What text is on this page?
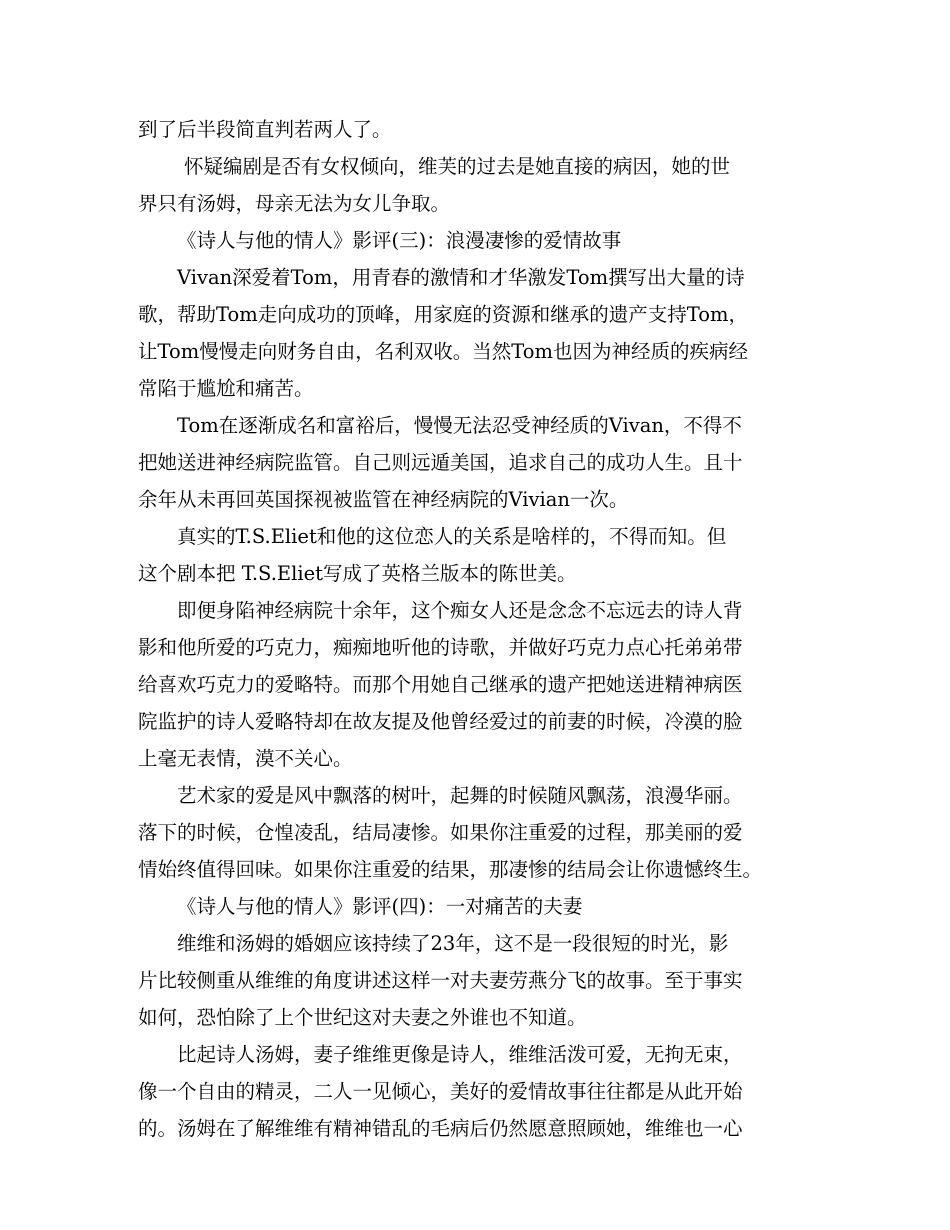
到了后半段简直判若两人了。
怀疑编剧是否有女权倾向，维芙的过去是她直接的病因，她的世
界只有汤姆，母亲无法为女儿争取。
《诗人与他的情人》影评(三)：浪漫凄惨的爱情故事
Vivan深爱着Tom，用青春的激情和才华激发Tom撰写出大量的诗
歌，帮助Tom走向成功的顶峰，用家庭的资源和继承的遗产支持Tom，
让Tom慢慢走向财务自由，名利双收。当然Tom也因为神经质的疾病经
常陷于尴尬和痛苦。
Tom在逐渐成名和富裕后，慢慢无法忍受神经质的Vivan，不得不
把她送进神经病院监管。自己则远遁美国，追求自己的成功人生。且十
余年从未再回英国探视被监管在神经病院的Vivian一次。
真实的T.S.Eliet和他的这位恋人的关系是啥样的，不得而知。但
这个剧本把 T.S.Eliet写成了英格兰版本的陈世美。
即便身陷神经病院十余年，这个痴女人还是念念不忘远去的诗人背
影和他所爱的巧克力，痴痴地听他的诗歌，并做好巧克力点心托弟弟带
给喜欢巧克力的爱略特。而那个用她自己继承的遗产把她送进精神病医
院监护的诗人爱略特却在故友提及他曾经爱过的前妻的时候，冷漠的脸
上毫无表情，漠不关心。
艺术家的爱是风中飘落的树叶，起舞的时候随风飘荡，浪漫华丽。
落下的时候，仓惶凌乱，结局凄惨。如果你注重爱的过程，那美丽的爱
情始终值得回味。如果你注重爱的结果，那凄惨的结局会让你遗憾终生。
《诗人与他的情人》影评(四)：一对痛苦的夫妻
维维和汤姆的婚姻应该持续了23年，这不是一段很短的时光，影
片比较侧重从维维的角度讲述这样一对夫妻劳燕分飞的故事。至于事实
如何，恐怕除了上个世纪这对夫妻之外谁也不知道。
比起诗人汤姆，妻子维维更像是诗人，维维活泼可爱，无拘无束，
像一个自由的精灵，二人一见倾心，美好的爱情故事往往都是从此开始
的。汤姆在了解维维有精神错乱的毛病后仍然愿意照顾她，维维也一心
